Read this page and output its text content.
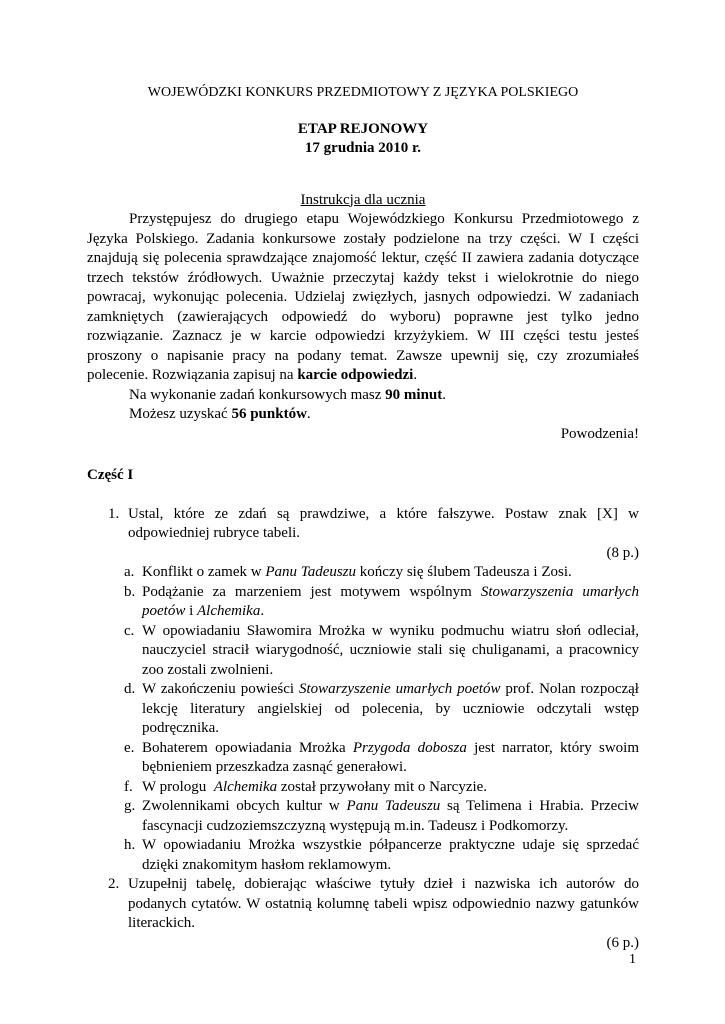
WOJEWÓDZKI KONKURS PRZEDMIOTOWY Z JĘZYKA POLSKIEGO

ETAP REJONOWY

17 grudnia 2010 r.

Instrukcja dla ucznia

Przystępujesz do drugiego etapu Wojewódzkiego Konkursu Przedmiotowego z Języka Polskiego. Zadania konkursowe zostały podzielone na trzy części. W I części znajdują się polecenia sprawdzające znajomość lektur, część II zawiera zadania dotyczące trzech tekstów źródłowych. Uważnie przeczytaj każdy tekst i wielokrotnie do niego powracaj, wykonując polecenia. Udzielaj zwięzłych, jasnych odpowiedzi. W zadaniach zamkniętych (zawierających odpowiedź do wyboru) poprawne jest tylko jedno rozwiązanie. Zaznacz je w karcie odpowiedzi krzyżykiem. W III części testu jesteś proszony o napisanie pracy na podany temat. Zawsze upewnij się, czy zrozumiałeś polecenie. Rozwiązania zapisuj na karcie odpowiedzi.

Na wykonanie zadań konkursowych masz 90 minut.

Możesz uzyskać 56 punktów.

Powodzenia!

Część I

1. Ustal, które ze zdań są prawdziwe, a które fałszywe. Postaw znak [X] w odpowiedniej rubryce tabeli.

(8 p.)

a. Konflikt o zamek w Panu Tadeuszu kończy się ślubem Tadeusza i Zosi.
b. Podążanie za marzeniem jest motywem wspólnym Stowarzyszenia umarłych poetów i Alchemika.
c. W opowiadaniu Sławomira Mrożka w wyniku podmuchu wiatru słoń odleciał, nauczyciel stracił wiarygodność, uczniowie stali się chuliganami, a pracownicy zoo zostali zwolnieni.
d. W zakończeniu powieści Stowarzyszenie umarłych poetów prof. Nolan rozpoczął lekcję literatury angielskiej od polecenia, by uczniowie odczytali wstęp podręcznika.
e. Bohaterem opowiadania Mrożka Przygoda dobosza jest narrator, który swoim bębnieniem przeszkadza zasnąć generałowi.
f. W prologu  Alchemika został przywołany mit o Narcyzie.
g. Zwolennikami obcych kultur w Panu Tadeuszu są Telimena i Hrabia. Przeciw fascynacji cudzoziemszczyzną występują m.in. Tadeusz i Podkomorzy.
h. W opowiadaniu Mrożka wszystkie półpancerze praktyczne udaje się sprzedać dzięki znakomitym hasłom reklamowym.
2. Uzupełnij tabelę, dobierając właściwe tytuły dzieł i nazwiska ich autorów do podanych cytatów. W ostatnią kolumnę tabeli wpisz odpowiednio nazwy gatunków literackich.

(6 p.)

1
